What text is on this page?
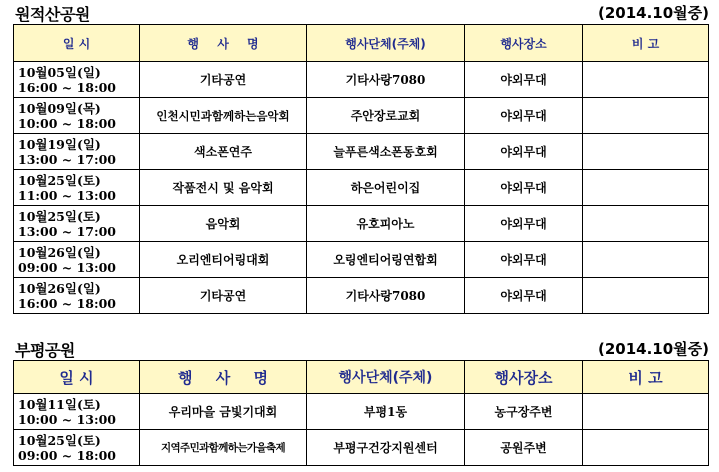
원적산공원	(2014.10월중)
일 시	행 사 명	행사단체(주체)	행사장소	비 고

10월05일(일)
16:00 ~ 18:00	기타공연	기타사랑7080	야외무대	

10월09일(목)
10:00 ~ 18:00	인천시민과함께하는음악회	주안장로교회	야외무대	

10월19일(일)
13:00 ~ 17:00	색소폰연주	늘푸른색소폰동호회	야외무대	

10월25일(토)
11:00 ~ 13:00	작품전시 및 음악회	하은어린이집	야외무대	

10월25일(토)
13:00 ~ 17:00	음악회	유호피아노	야외무대	

10월26일(일)
09:00 ~ 13:00	오리엔티어링대회	오링엔티어링연합회	야외무대	

10월26일(일)
16:00 ~ 18:00	기타공연	기타사랑7080	야외무대	
부평공원	(2014.10월중)
일 시	행 사 명	행사단체(주체)	행사장소	비 고

10월11일(토)
10:00 ~ 13:00	우리마을 금빛기대회	부평1동	농구장주변	

10월25일(토)
09:00 ~ 18:00	지역주민과함께하는가을축제	부평구건강지원센터	공원주변	
